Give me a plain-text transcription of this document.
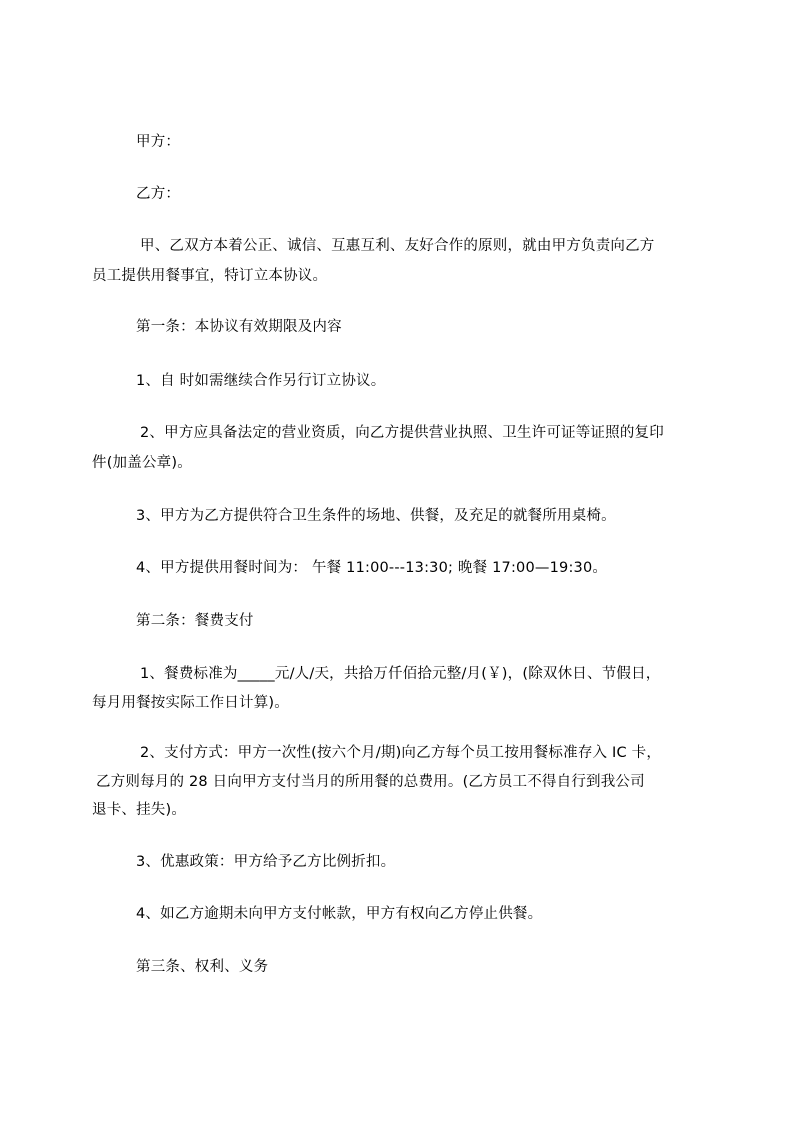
甲方：
乙方：
甲、乙双方本着公正、诚信、互惠互利、友好合作的原则，就由甲方负责向乙方
员工提供用餐事宜，特订立本协议。
第一条：本协议有效期限及内容
1、自 时如需继续合作另行订立协议。
2、甲方应具备法定的营业资质，向乙方提供营业执照、卫生许可证等证照的复印
件(加盖公章)。
3、甲方为乙方提供符合卫生条件的场地、供餐，及充足的就餐所用桌椅。
4、甲方提供用餐时间为： 午餐 11:00---13:30; 晚餐 17:00—19:30。
第二条：餐费支付
1、餐费标准为_____元/人/天，共拾万仟佰拾元整/月(￥)，(除双休日、节假日，
每月用餐按实际工作日计算)。
2、支付方式：甲方一次性(按六个月/期)向乙方每个员工按用餐标准存入 IC 卡，
乙方则每月的 28 日向甲方支付当月的所用餐的总费用。(乙方员工不得自行到我公司
退卡、挂失)。
3、优惠政策：甲方给予乙方比例折扣。
4、如乙方逾期未向甲方支付帐款，甲方有权向乙方停止供餐。
第三条、权利、义务
